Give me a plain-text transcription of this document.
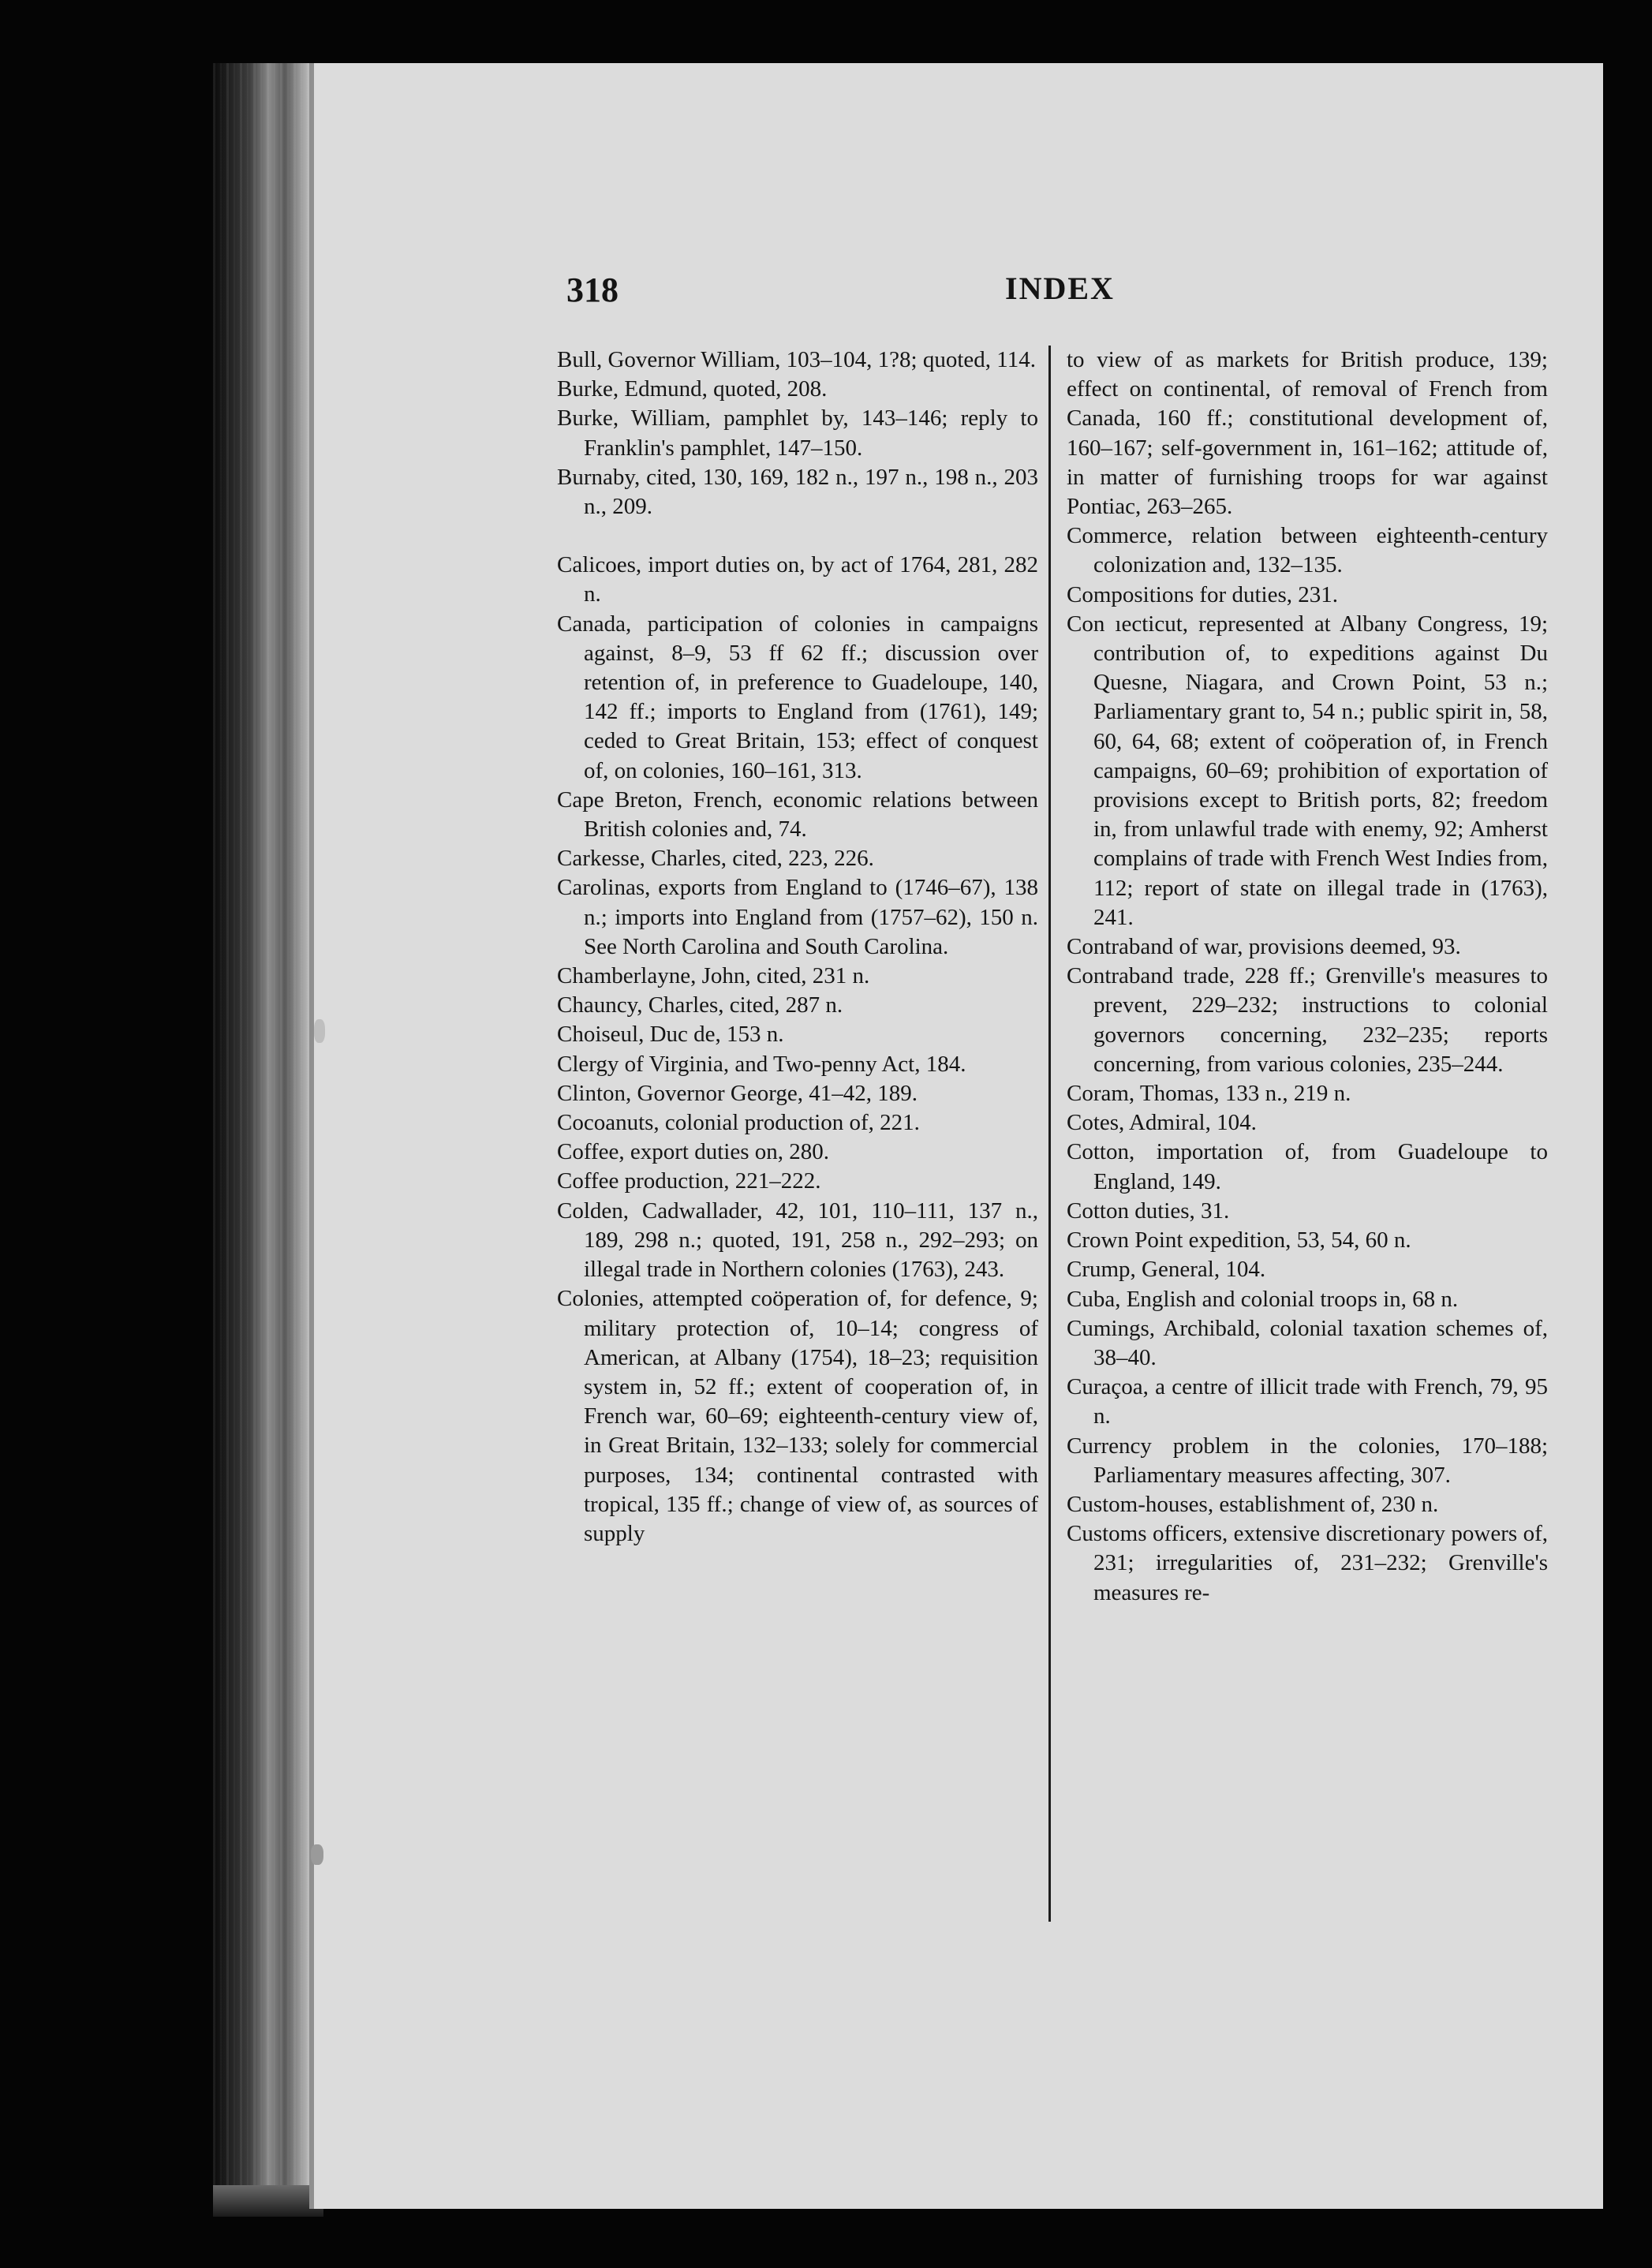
318	INDEX

Bull, Governor William, 103–104, 1?8; quoted, 114.

Burke, Edmund, quoted, 208.

Burke, William, pamphlet by, 143–146; reply to Franklin's pamphlet, 147–150.

Burnaby, cited, 130, 169, 182 n., 197 n., 198 n., 203 n., 209.

Calicoes, import duties on, by act of 1764, 281, 282 n.

Canada, participation of colonies in campaigns against, 8–9, 53 ff 62 ff.; discussion over retention of, in preference to Guadeloupe, 140, 142 ff.; imports to England from (1761), 149; ceded to Great Britain, 153; effect of conquest of, on colonies, 160–161, 313.

Cape Breton, French, economic relations between British colonies and, 74.

Carkesse, Charles, cited, 223, 226.

Carolinas, exports from England to (1746–67), 138 n.; imports into England from (1757–62), 150 n. See North Carolina and South Carolina.

Chamberlayne, John, cited, 231 n.

Chauncy, Charles, cited, 287 n.

Choiseul, Duc de, 153 n.

Clergy of Virginia, and Two-penny Act, 184.

Clinton, Governor George, 41–42, 189.

Cocoanuts, colonial production of, 221.

Coffee, export duties on, 280.

Coffee production, 221–222.

Colden, Cadwallader, 42, 101, 110–111, 137 n., 189, 298 n.; quoted, 191, 258 n., 292–293; on illegal trade in Northern colonies (1763), 243.

Colonies, attempted coöperation of, for defence, 9; military protection of, 10–14; congress of American, at Albany (1754), 18–23; requisition system in, 52 ff.; extent of cooperation of, in French war, 60–69; eighteenth-century view of, in Great Britain, 132–133; solely for commercial purposes, 134; continental contrasted with tropical, 135 ff.; change of view of, as sources of supply

to view of as markets for British produce, 139; effect on continental, of removal of French from Canada, 160 ff.; constitutional development of, 160–167; self-government in, 161–162; attitude of, in matter of furnishing troops for war against Pontiac, 263–265.

Commerce, relation between eighteenth-century colonization and, 132–135.

Compositions for duties, 231.

Con ıecticut, represented at Albany Congress, 19; contribution of, to expeditions against Du Quesne, Niagara, and Crown Point, 53 n.; Parliamentary grant to, 54 n.; public spirit in, 58, 60, 64, 68; extent of coöperation of, in French campaigns, 60–69; prohibition of exportation of provisions except to British ports, 82; freedom in, from unlawful trade with enemy, 92; Amherst complains of trade with French West Indies from, 112; report of state on illegal trade in (1763), 241.

Contraband of war, provisions deemed, 93.

Contraband trade, 228 ff.; Grenville's measures to prevent, 229–232; instructions to colonial governors concerning, 232–235; reports concerning, from various colonies, 235–244.

Coram, Thomas, 133 n., 219 n.

Cotes, Admiral, 104.

Cotton, importation of, from Guadeloupe to England, 149.

Cotton duties, 31.

Crown Point expedition, 53, 54, 60 n.

Crump, General, 104.

Cuba, English and colonial troops in, 68 n.

Cumings, Archibald, colonial taxation schemes of, 38–40.

Curaçoa, a centre of illicit trade with French, 79, 95 n.

Currency problem in the colonies, 170–188; Parliamentary measures affecting, 307.

Custom-houses, establishment of, 230 n.

Customs officers, extensive discretionary powers of, 231; irregularities of, 231–232; Grenville's measures re-
